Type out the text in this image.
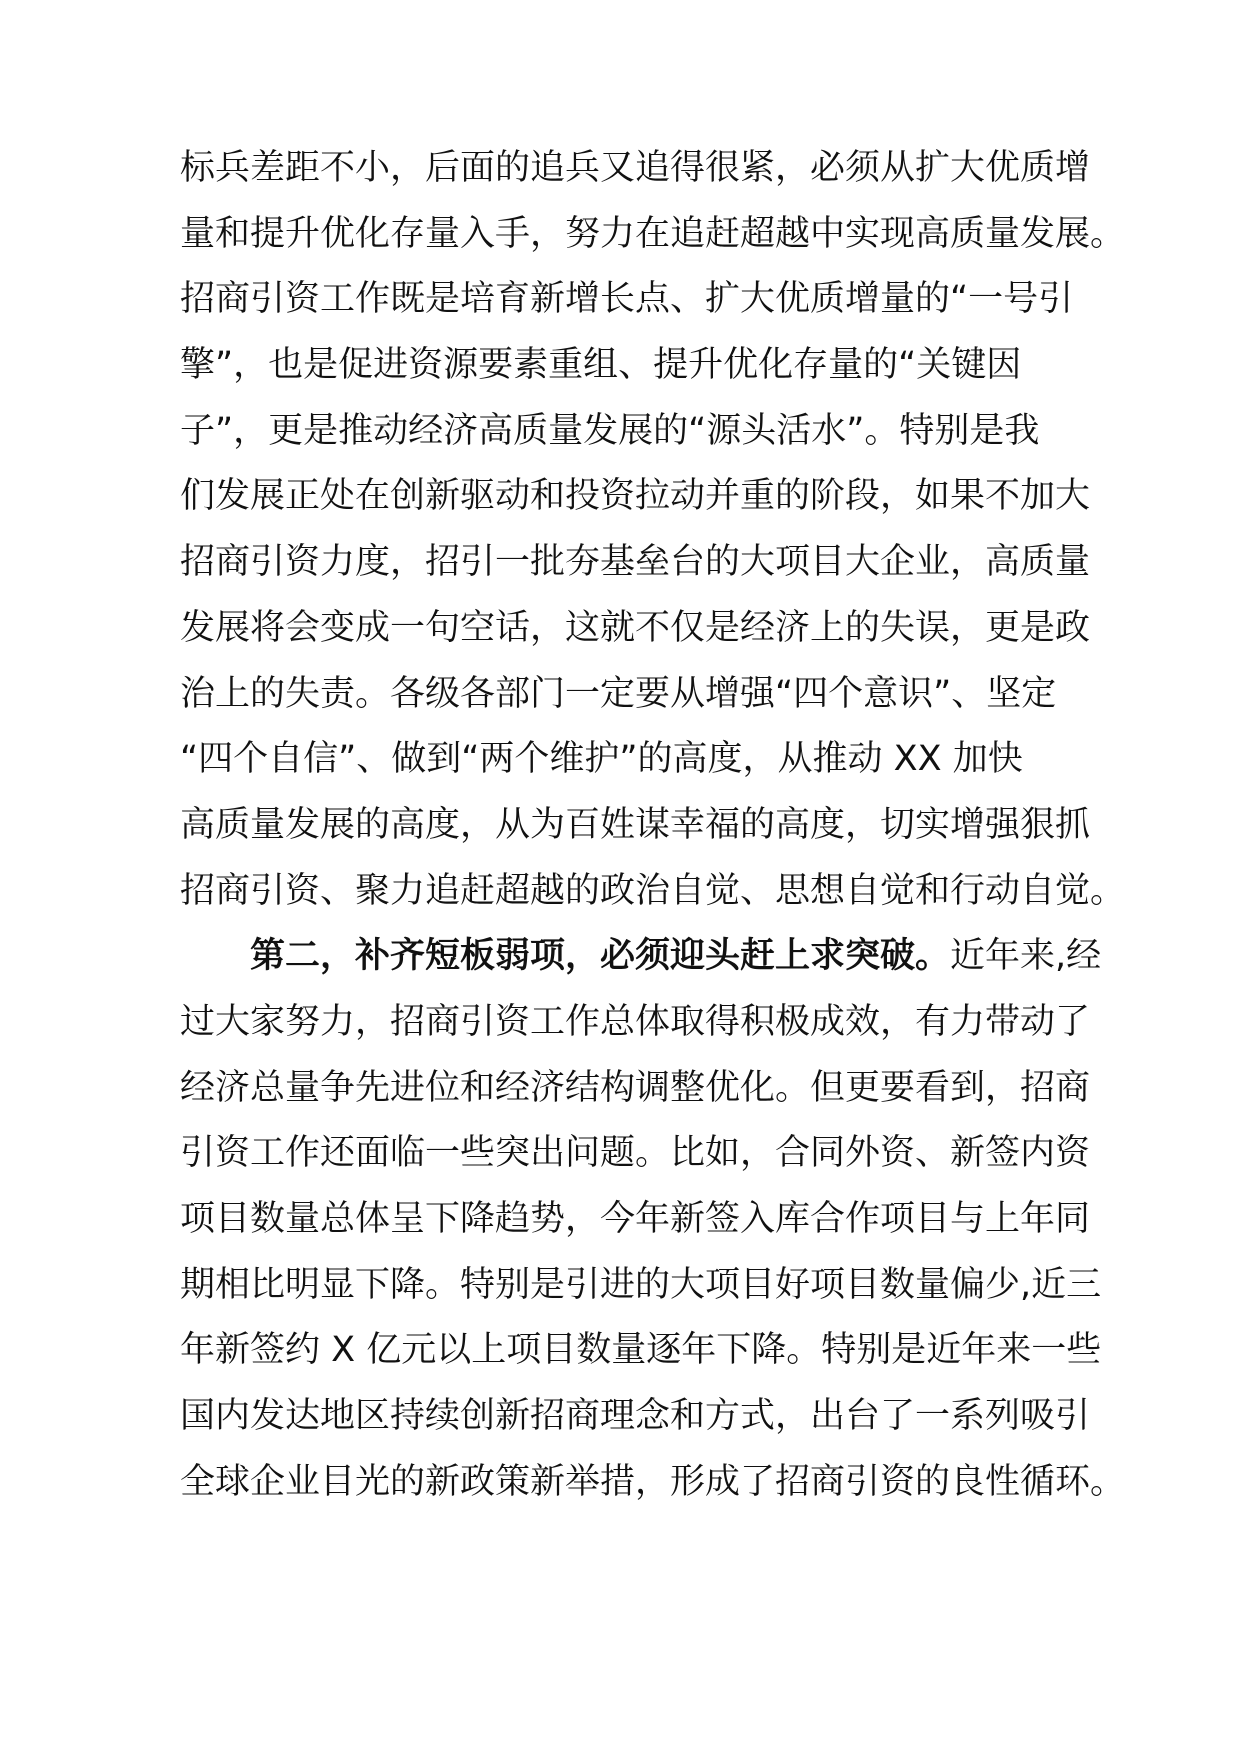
标兵差距不小，后面的追兵又追得很紧，必须从扩大优质增
量和提升优化存量入手，努力在追赶超越中实现高质量发展。
招商引资工作既是培育新增长点、扩大优质增量的“一号引
擎”，也是促进资源要素重组、提升优化存量的“关键因
子”，更是推动经济高质量发展的“源头活水”。特别是我
们发展正处在创新驱动和投资拉动并重的阶段，如果不加大
招商引资力度，招引一批夯基垒台的大项目大企业，高质量
发展将会变成一句空话，这就不仅是经济上的失误，更是政
治上的失责。各级各部门一定要从增强“四个意识”、坚定
“四个自信”、做到“两个维护”的高度，从推动 XX 加快
高质量发展的高度，从为百姓谋幸福的高度，切实增强狠抓
招商引资、聚力追赶超越的政治自觉、思想自觉和行动自觉。
第二，补齐短板弱项，必须迎头赶上求突破。近年来,经
过大家努力，招商引资工作总体取得积极成效，有力带动了
经济总量争先进位和经济结构调整优化。但更要看到，招商
引资工作还面临一些突出问题。比如，合同外资、新签内资
项目数量总体呈下降趋势，今年新签入库合作项目与上年同
期相比明显下降。特别是引进的大项目好项目数量偏少,近三
年新签约 X 亿元以上项目数量逐年下降。特别是近年来一些
国内发达地区持续创新招商理念和方式，出台了一系列吸引
全球企业目光的新政策新举措，形成了招商引资的良性循环。
